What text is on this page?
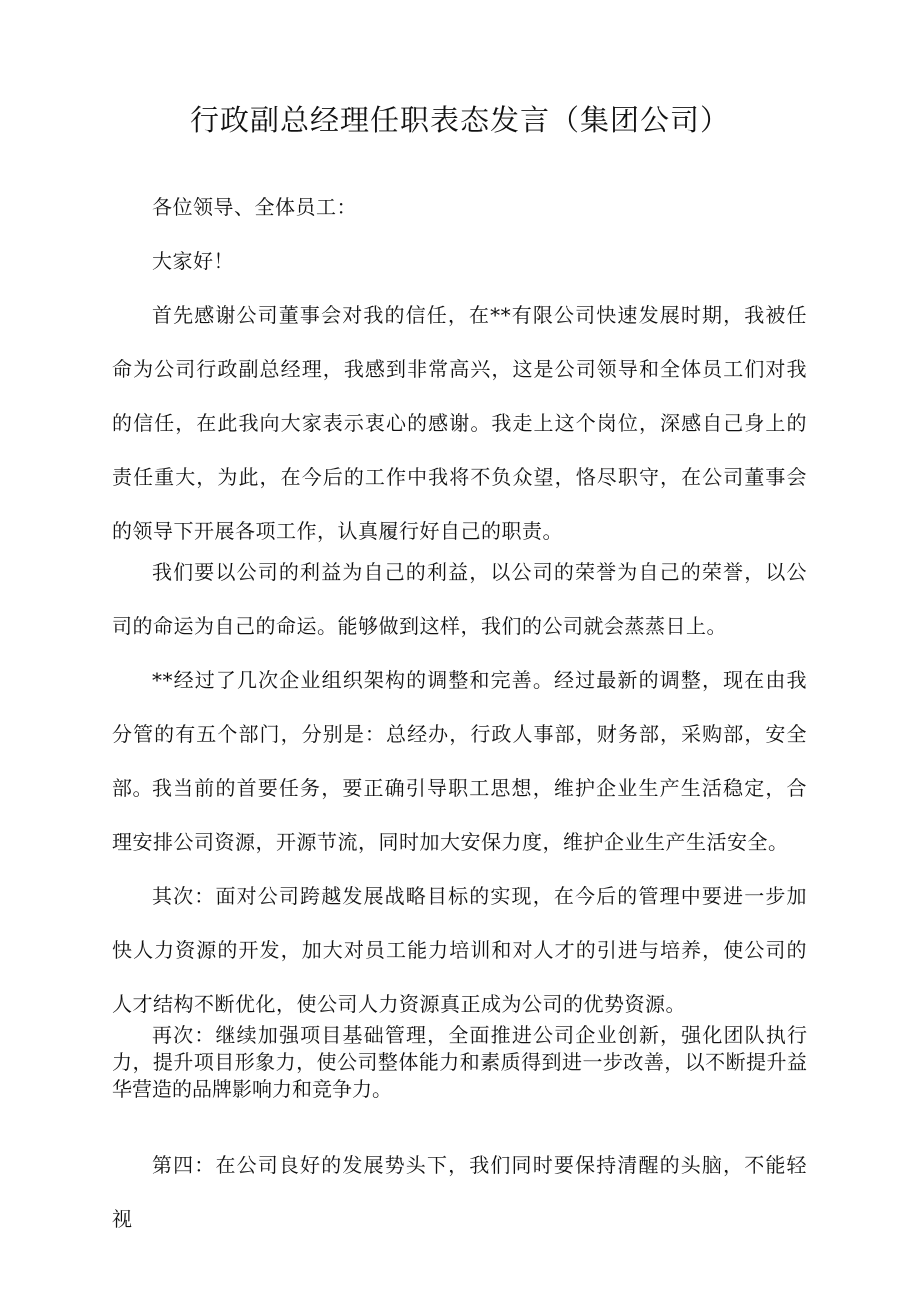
行政副总经理任职表态发言（集团公司）

各位领导、全体员工：

大家好！

首先感谢公司董事会对我的信任，在**有限公司快速发展时期，我被任命为公司行政副总经理，我感到非常高兴，这是公司领导和全体员工们对我的信任，在此我向大家表示衷心的感谢。我走上这个岗位，深感自己身上的责任重大，为此，在今后的工作中我将不负众望，恪尽职守，在公司董事会的领导下开展各项工作，认真履行好自己的职责。

我们要以公司的利益为自己的利益，以公司的荣誉为自己的荣誉，以公司的命运为自己的命运。能够做到这样，我们的公司就会蒸蒸日上。

**经过了几次企业组织架构的调整和完善。经过最新的调整，现在由我分管的有五个部门，分别是：总经办，行政人事部，财务部，采购部，安全部。 我当前的首要任务，要正确引导职工思想，维护企业生产生活稳定，合理安排公司资源，开源节流，同时加大安保力度，维护企业生产生活安全。

其次：面对公司跨越发展战略目标的实现，在今后的管理中要进一步加快人力资源的开发，加大对员工能力培训和对人才的引进与培养，使公司的人才结构不断优化，使公司人力资源真正成为公司的优势资源。

再次：继续加强项目基础管理，全面推进公司企业创新，强化团队执行力，提升项目形象力，使公司整体能力和素质得到进一步改善，以不断提升益华营造的品牌影响力和竞争力。

第四：在公司良好的发展势头下，我们同时要保持清醒的头脑，不能轻视
